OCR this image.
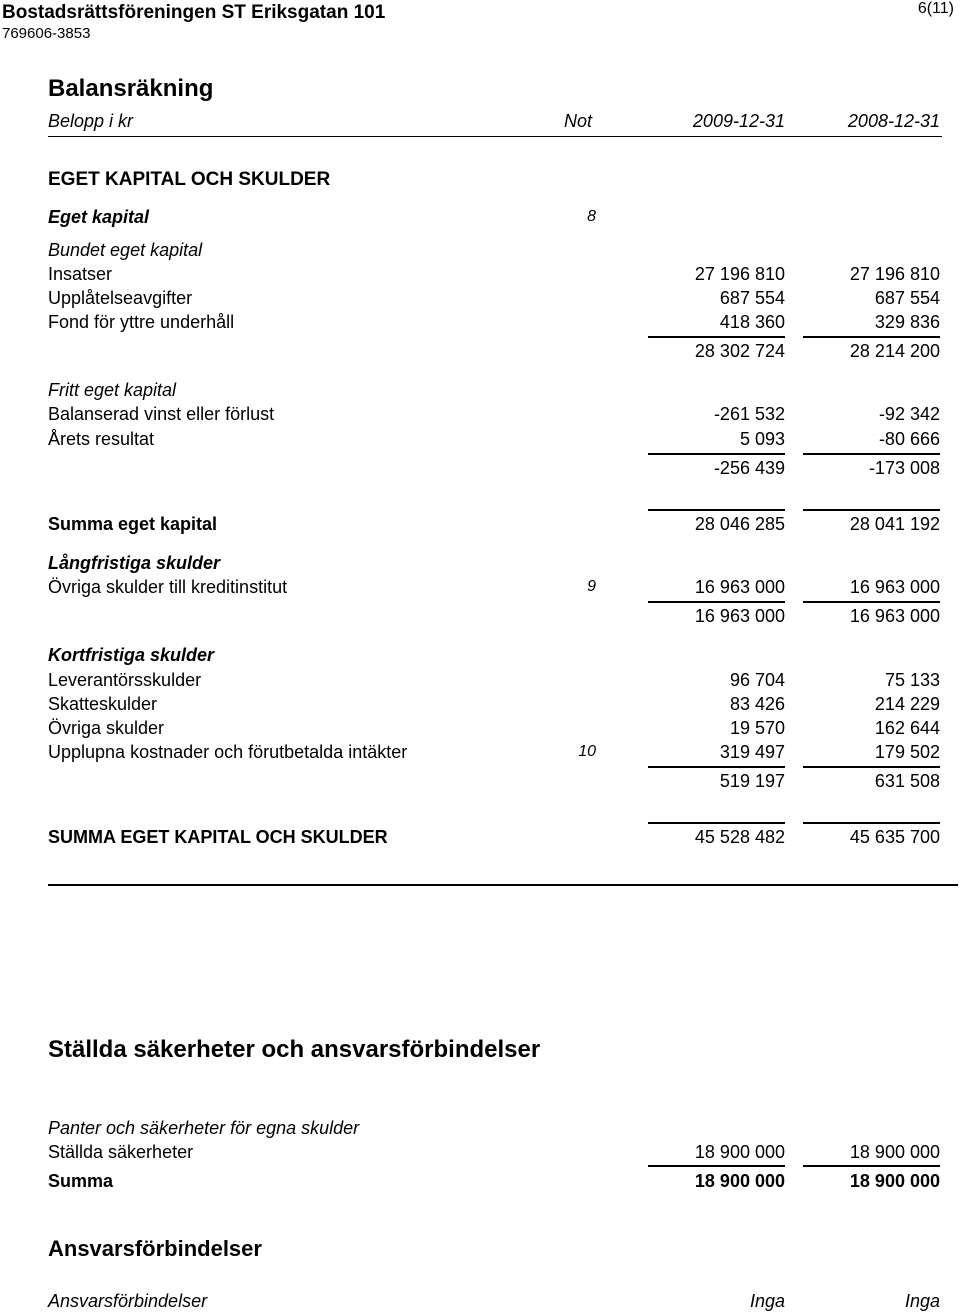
Bostadsrättsföreningen ST Eriksgatan 101
769606-3853
6(11)
Balansräkning
Belopp i kr	Not	2009-12-31	2008-12-31
EGET KAPITAL OCH SKULDER
Eget kapital	8
Bundet eget kapital
Insatser	27 196 810	27 196 810
Upplåtelseavgifter	687 554	687 554
Fond för yttre underhåll	418 360	329 836
28 302 724	28 214 200
Fritt eget kapital
Balanserad vinst eller förlust	-261 532	-92 342
Årets resultat	5 093	-80 666
-256 439	-173 008
Summa eget kapital	28 046 285	28 041 192
Långfristiga skulder
Övriga skulder till kreditinstitut	9	16 963 000	16 963 000
16 963 000	16 963 000
Kortfristiga skulder
Leverantörsskulder	96 704	75 133
Skatteskulder	83 426	214 229
Övriga skulder	19 570	162 644
Upplupna kostnader och förutbetalda intäkter	10	319 497	179 502
519 197	631 508
SUMMA EGET KAPITAL OCH SKULDER	45 528 482	45 635 700
Ställda säkerheter och ansvarsförbindelser
Panter och säkerheter för egna skulder
Ställda säkerheter	18 900 000	18 900 000
Summa	18 900 000	18 900 000
Ansvarsförbindelser
Ansvarsförbindelser	Inga	Inga
